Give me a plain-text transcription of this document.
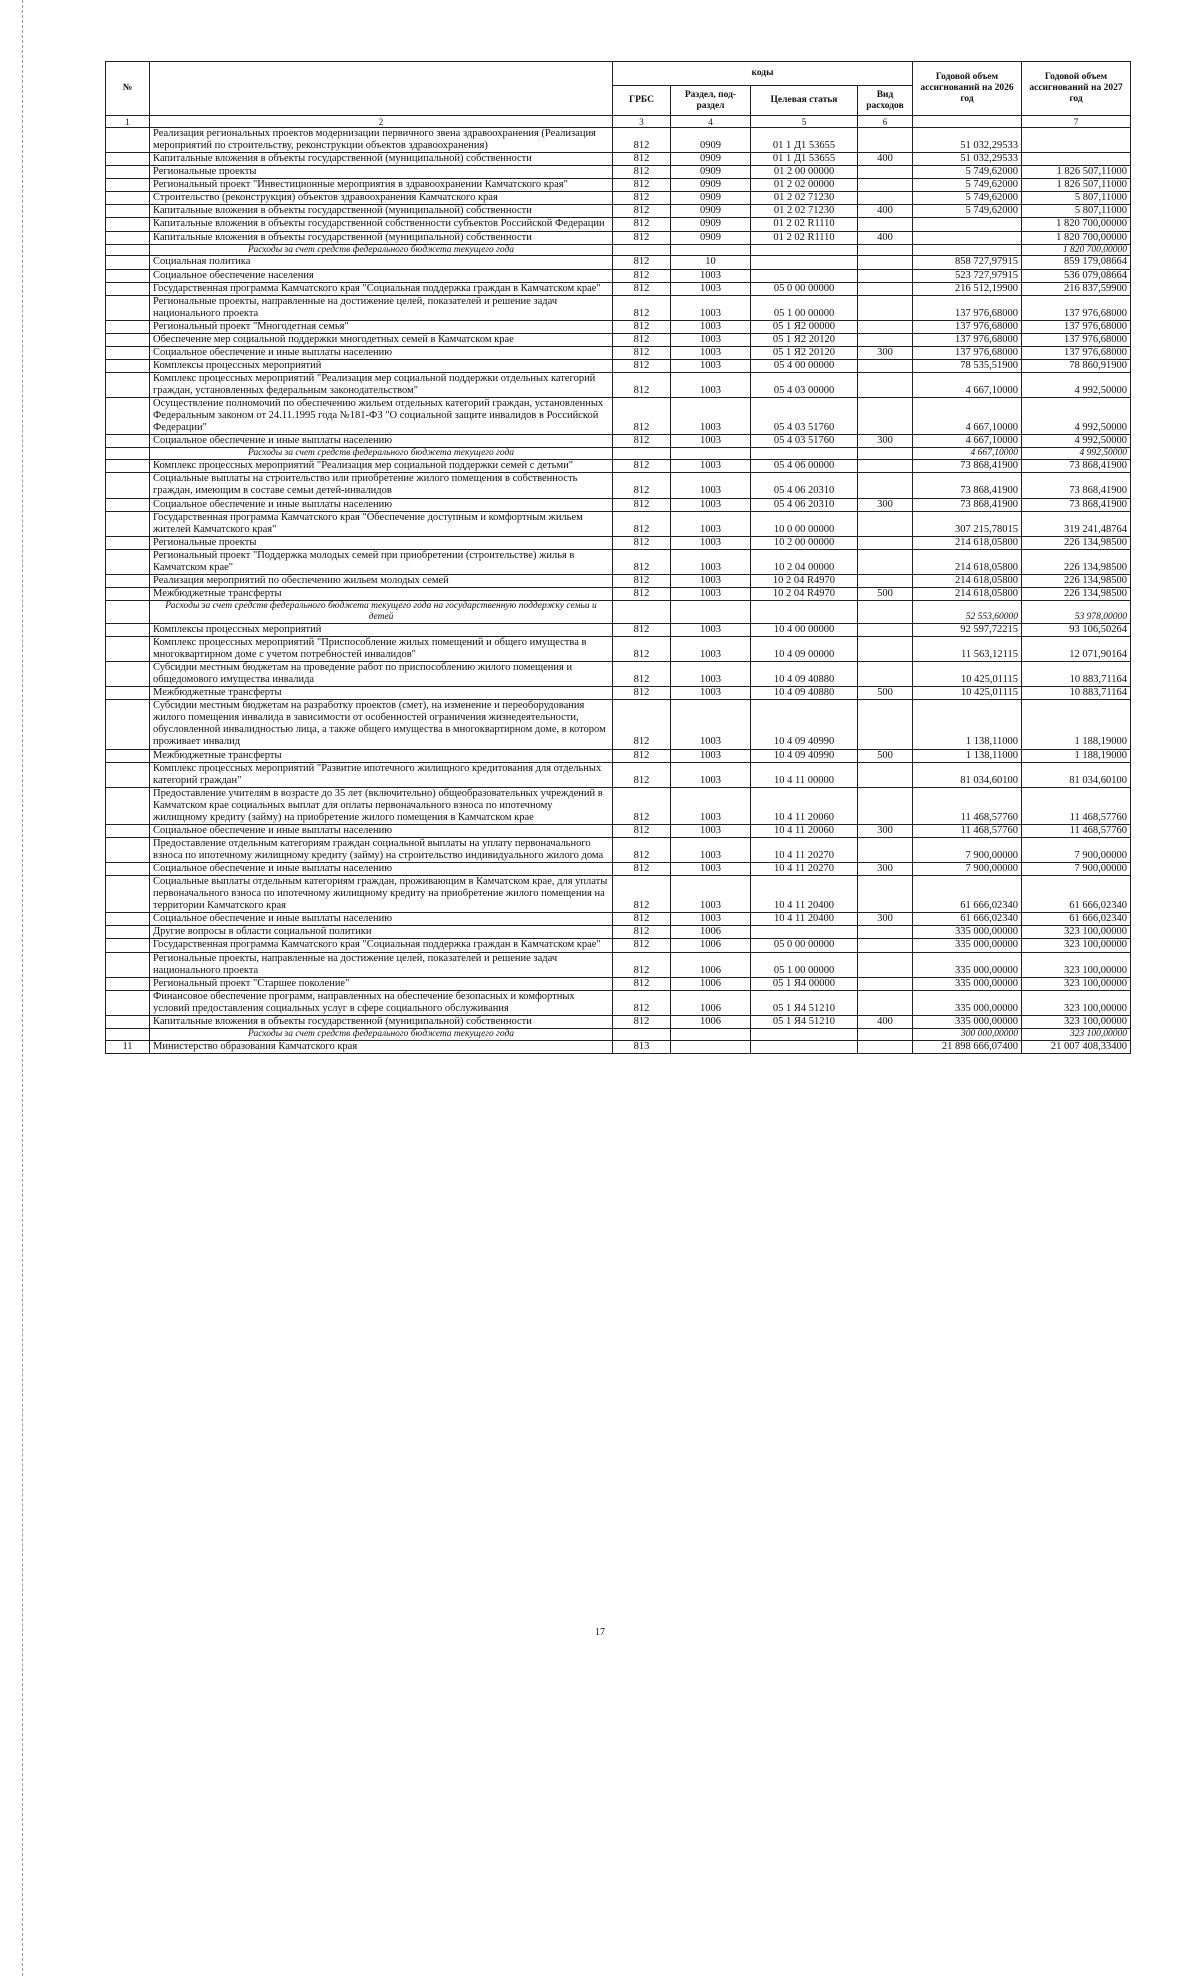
№		коды				Годовой объем ассигнований на 2026 год	Годовой объем ассигнований на 2027 год
		ГРБС	Раздел, под-раздел	Целевая статья	Вид расходов		
1	2	3	4	5	6		7
	Реализация региональных проектов модернизации первичного звена здравоохранения (Реализация мероприятий по строительству, реконструкции объектов здравоохранения)	812	0909	01 1 Д1 53655		51 032,29533	
	Капитальные вложения в объекты государственной (муниципальной) собственности	812	0909	01 1 Д1 53655	400	51 032,29533	
	Региональные проекты	812	0909	01 2 00 00000		5 749,62000	1 826 507,11000
	Региональный проект "Инвестиционные мероприятия в здравоохранении Камчатского края"	812	0909	01 2 02 00000		5 749,62000	1 826 507,11000
	Строительство (реконструкция) объектов здравоохранения Камчатского края	812	0909	01 2 02 71230		5 749,62000	5 807,11000
	Капитальные вложения в объекты государственной (муниципальной) собственности	812	0909	01 2 02 71230	400	5 749,62000	5 807,11000
	Капитальные вложения в объекты государственной собственности субъектов Российской Федерации	812	0909	01 2 02 R1110			1 820 700,00000
	Капитальные вложения в объекты государственной (муниципальной) собственности	812	0909	01 2 02 R1110	400		1 820 700,00000
	Расходы за счет средств федерального бюджета текущего года						1 820 700,00000
	Социальная политика	812	10			858 727,97915	859 179,08664
	Социальное обеспечение населения	812	1003			523 727,97915	536 079,08664
	Государственная программа Камчатского края "Социальная поддержка граждан в Камчатском крае"	812	1003	05 0 00 00000		216 512,19900	216 837,59900
	Региональные проекты, направленные на достижение целей, показателей и решение задач национального проекта	812	1003	05 1 00 00000		137 976,68000	137 976,68000
	Региональный проект "Многодетная семья"	812	1003	05 1 Я2 00000		137 976,68000	137 976,68000
	Обеспечение мер социальной поддержки многодетных семей в Камчатском крае	812	1003	05 1 Я2 20120		137 976,68000	137 976,68000
	Социальное обеспечение и иные выплаты населению	812	1003	05 1 Я2 20120	300	137 976,68000	137 976,68000
	Комплексы процессных мероприятий	812	1003	05 4 00 00000		78 535,51900	78 860,91900
	Комплекс процессных мероприятий "Реализация мер социальной поддержки отдельных категорий граждан, установленных федеральным законодательством"	812	1003	05 4 03 00000		4 667,10000	4 992,50000
	Осуществление полномочий по обеспечению жильем отдельных категорий граждан, установленных Федеральным законом от 24.11.1995 года №181-ФЗ "О социальной защите инвалидов в Российской Федерации"	812	1003	05 4 03 51760		4 667,10000	4 992,50000
	Социальное обеспечение и иные выплаты населению	812	1003	05 4 03 51760	300	4 667,10000	4 992,50000
	Расходы за счет средств федерального бюджета текущего года					4 667,10000	4 992,50000
	Комплекс процессных мероприятий "Реализация мер социальной поддержки семей с детьми"	812	1003	05 4 06 00000		73 868,41900	73 868,41900
	Социальные выплаты на строительство или приобретение жилого помещения в собственность граждан, имеющим в составе семьи детей-инвалидов	812	1003	05 4 06 20310		73 868,41900	73 868,41900
	Социальное обеспечение и иные выплаты населению	812	1003	05 4 06 20310	300	73 868,41900	73 868,41900
	Государственная программа Камчатского края "Обеспечение доступным и комфортным жильем жителей Камчатского края"	812	1003	10 0 00 00000		307 215,78015	319 241,48764
	Региональные проекты	812	1003	10 2 00 00000		214 618,05800	226 134,98500
	Региональный проект "Поддержка молодых семей при приобретении (строительстве) жилья в Камчатском крае"	812	1003	10 2 04 00000		214 618,05800	226 134,98500
	Реализация мероприятий по обеспечению жильем молодых семей	812	1003	10 2 04 R4970		214 618,05800	226 134,98500
	Межбюджетные трансферты	812	1003	10 2 04 R4970	500	214 618,05800	226 134,98500
	Расходы за счет средств федерального бюджета текущего года на государственную поддержку семьи и детей					52 553,60000	53 978,00000
	Комплексы процессных мероприятий	812	1003	10 4 00 00000		92 597,72215	93 106,50264
	Комплекс процессных мероприятий "Приспособление жилых помещений и общего имущества в многоквартирном доме с учетом потребностей инвалидов"	812	1003	10 4 09 00000		11 563,12115	12 071,90164
	Субсидии местным бюджетам на проведение работ по приспособлению жилого помещения и общедомового имущества инвалида	812	1003	10 4 09 40880		10 425,01115	10 883,71164
	Межбюджетные трансферты	812	1003	10 4 09 40880	500	10 425,01115	10 883,71164
	Субсидии местным бюджетам на разработку проектов (смет), на изменение и переоборудования жилого помещения инвалида в зависимости от особенностей ограничения жизнедеятельности, обусловленной инвалидностью лица, а также общего имущества в многоквартирном доме, в котором проживает инвалид	812	1003	10 4 09 40990		1 138,11000	1 188,19000
	Межбюджетные трансферты	812	1003	10 4 09 40990	500	1 138,11000	1 188,19000
	Комплекс процессных мероприятий "Развитие ипотечного жилищного кредитования для отдельных категорий граждан"	812	1003	10 4 11 00000		81 034,60100	81 034,60100
	Предоставление учителям в возрасте до 35 лет (включительно) общеобразовательных учреждений в Камчатском крае социальных выплат для оплаты первоначального взноса по ипотечному жилищному кредиту (займу) на приобретение жилого помещения в Камчатском крае	812	1003	10 4 11 20060		11 468,57760	11 468,57760
	Социальное обеспечение и иные выплаты населению	812	1003	10 4 11 20060	300	11 468,57760	11 468,57760
	Предоставление отдельным категориям граждан социальной выплаты на уплату первоначального взноса по ипотечному жилищному кредиту (займу) на строительство индивидуального жилого дома	812	1003	10 4 11 20270		7 900,00000	7 900,00000
	Социальное обеспечение и иные выплаты населению	812	1003	10 4 11 20270	300	7 900,00000	7 900,00000
	Социальные выплаты отдельным категориям граждан, проживающим в Камчатском крае, для уплаты первоначального взноса по ипотечному жилищному кредиту на приобретение жилого помещения на территории Камчатского края	812	1003	10 4 11 20400		61 666,02340	61 666,02340
	Социальное обеспечение и иные выплаты населению	812	1003	10 4 11 20400	300	61 666,02340	61 666,02340
	Другие вопросы в области социальной политики	812	1006			335 000,00000	323 100,00000
	Государственная программа Камчатского края "Социальная поддержка граждан в Камчатском крае"	812	1006	05 0 00 00000		335 000,00000	323 100,00000
	Региональные проекты, направленные на достижение целей, показателей и решение задач национального проекта	812	1006	05 1 00 00000		335 000,00000	323 100,00000
	Региональный проект "Старшее поколение"	812	1006	05 1 Я4 00000		335 000,00000	323 100,00000
	Финансовое обеспечение программ, направленных на обеспечение безопасных и комфортных условий предоставления социальных услуг в сфере социального обслуживания	812	1006	05 1 Я4 51210		335 000,00000	323 100,00000
	Капитальные вложения в объекты государственной (муниципальной) собственности	812	1006	05 1 Я4 51210	400	335 000,00000	323 100,00000
	Расходы за счет средств федерального бюджета текущего года					300 000,00000	323 100,00000
11	Министерство образования Камчатского края	813				21 898 666,07400	21 007 408,33400
17
